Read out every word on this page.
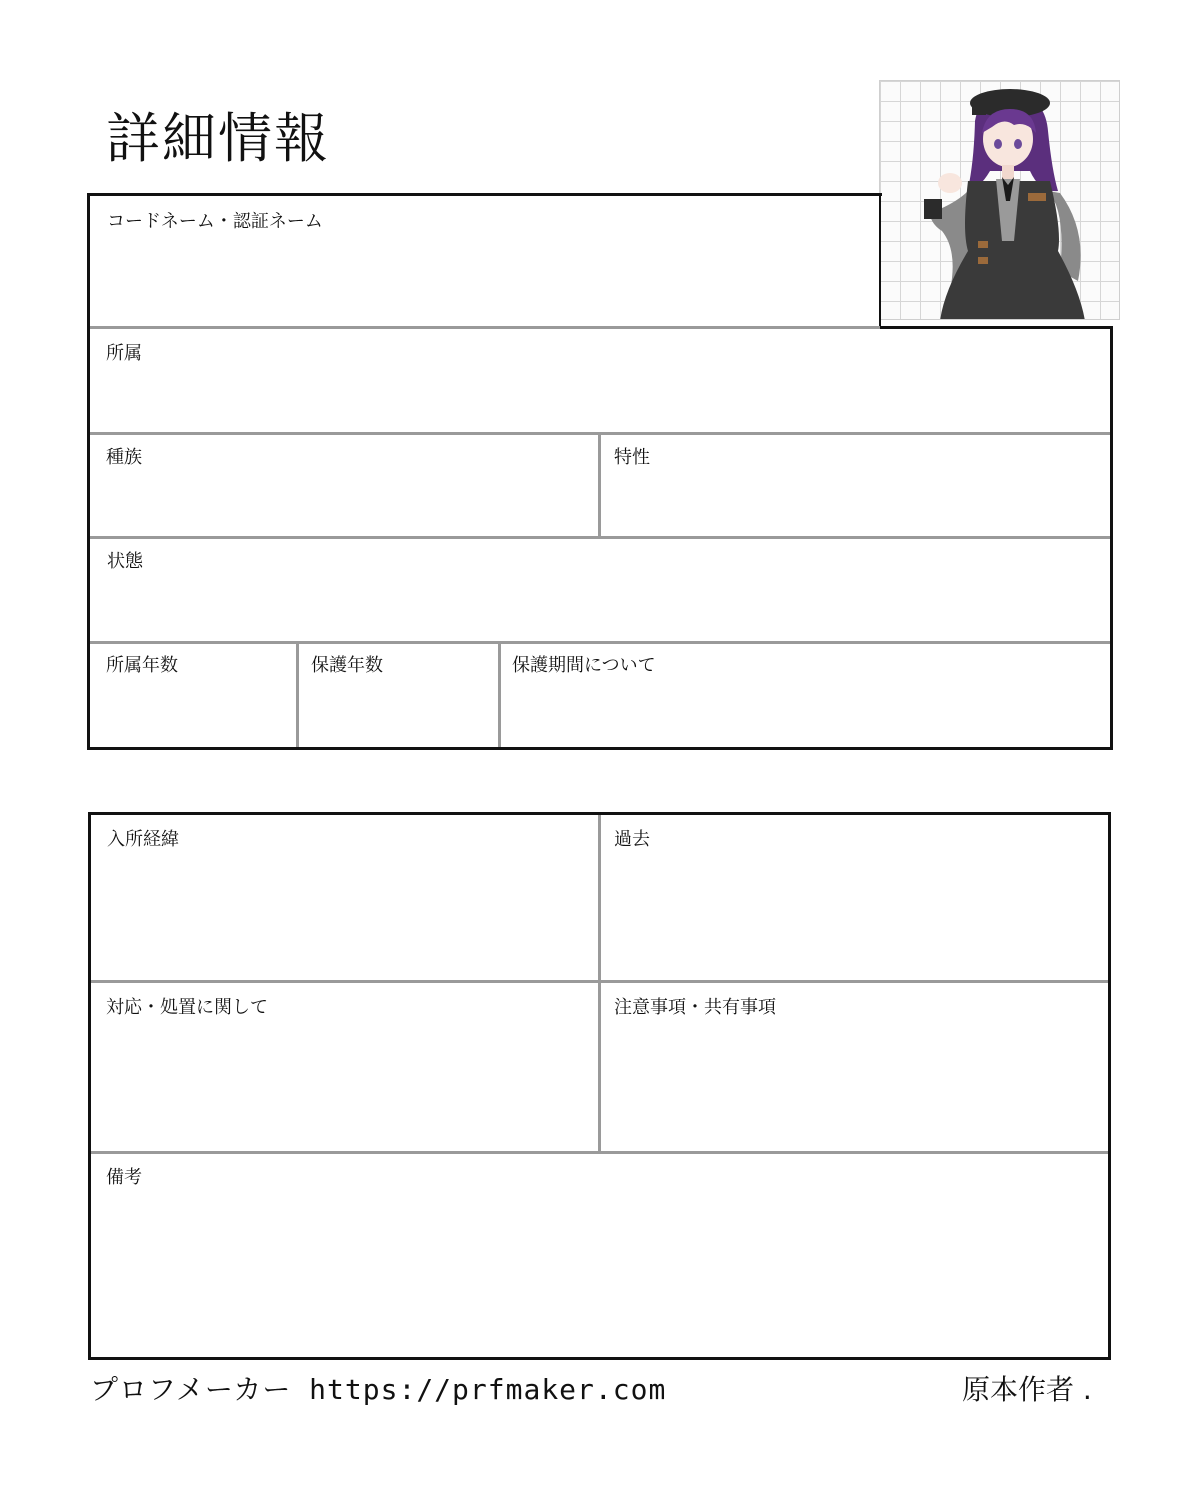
詳細情報
コードネーム・認証ネーム
所属
種族	特性
状態
所属年数	保護年数	保護期間について
入所経緯	過去
対応・処置に関して	注意事項・共有事項
備考
プロフメーカー https://prfmaker.com	原本作者 .
